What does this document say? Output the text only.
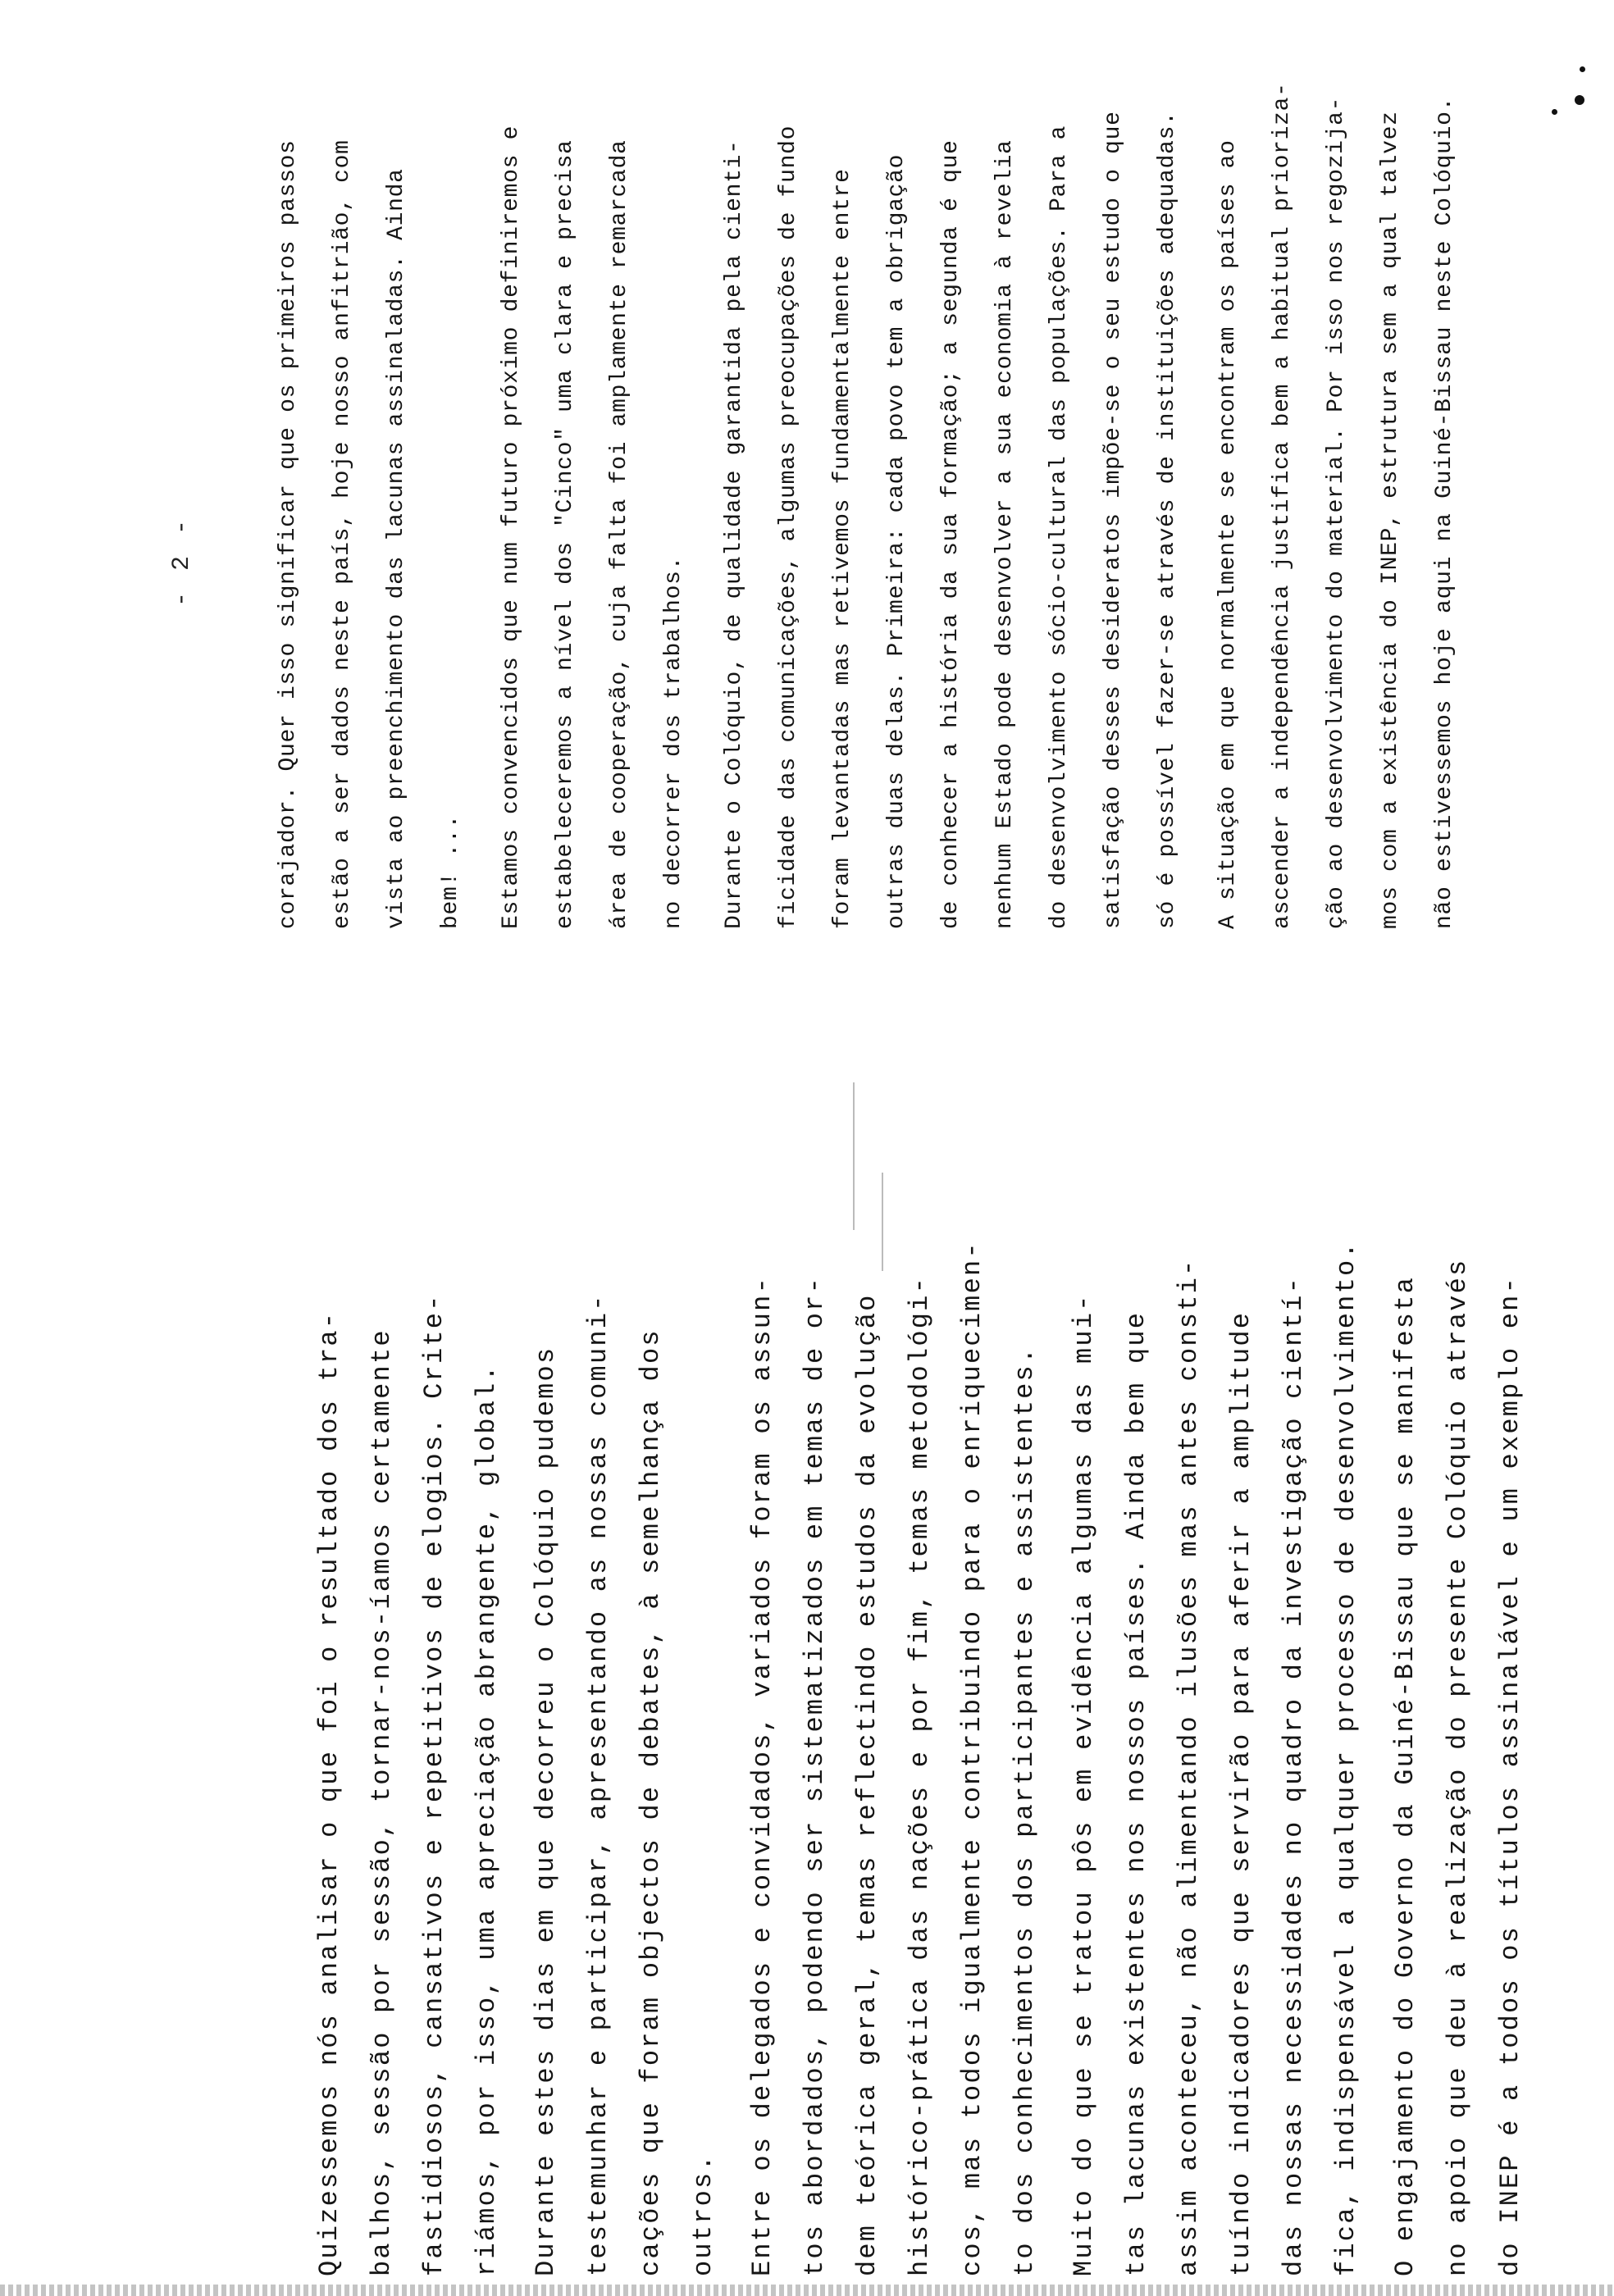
- 2 -
Quizessemos nós analisar o que foi o resultado dos tra- balhos, sessão por sessão, tornar-nos-íamos certamente fastidiosos, cansativos e repetitivos de elogios. Crite- riámos, por isso, uma apreciação abrangente, global.	Durante estes dias em que decorreu o Colóquio pudemos testemunhar e participar, apresentando as nossas comuni- cações que foram objectos de debates, à semelhança dos outros.	Entre os delegados e convidados, variados foram os assun- tos abordados, podendo ser sistematizados em temas de or- dem teórica geral, temas reflectindo estudos da evolução histórico-prática das nações e por fim, temas metodológi- cos, mas todos igualmente contribuindo para o enriquecimen- to dos conhecimentos dos participantes e assistentes.	Muito do que se tratou pôs em evidência algumas das mui- tas lacunas existentes nos nossos países. Ainda bem que assim aconteceu, não alimentando ilusões mas antes consti- tuíndo indicadores que servirão para aferir a amplitude das nossas necessidades no quadro da investigação cientí- fica, indispensável a qualquer processo de desenvolvimento.	O engajamento do Governo da Guiné-Bissau que se manifesta no apoio que deu à realização do presente Colóquio através do INEP é a todos os títulos assinalável e um exemplo en-
corajador. Quer isso significar que os primeiros passos	estão a ser dados neste país, hoje nosso anfitrião, com	vista ao preenchimento das lacunas assinaladas. Ainda	bem! ...	Estamos convencidos que num futuro próximo definiremos e	estabeleceremos a nível dos "Cinco" uma clara e precisa	área de cooperação, cuja falta foi amplamente remarcada	no decorrer dos trabalhos.	Durante o Colóquio, de qualidade garantida pela cienti-	ficidade das comunicações, algumas preocupações de fundo	foram levantadas mas retivemos fundamentalmente entre	outras duas delas. Primeira: cada povo tem a obrigação	de conhecer a história da sua formação; a segunda é que	nenhum Estado pode desenvolver a sua economia à revelia	do desenvolvimento sócio-cultural das populações. Para a	satisfação desses desideratos impõe-se o seu estudo o que	só é possível fazer-se através de instituições adequadas.	A situação em que normalmente se encontram os países ao	ascender a independência justifica bem a habitual prioriza-	ção ao desenvolvimento do material. Por isso nos regozija-	mos com a existência do INEP, estrutura sem a qual talvez	não estivessemos hoje aqui na Guiné-Bissau neste Colóquio.
